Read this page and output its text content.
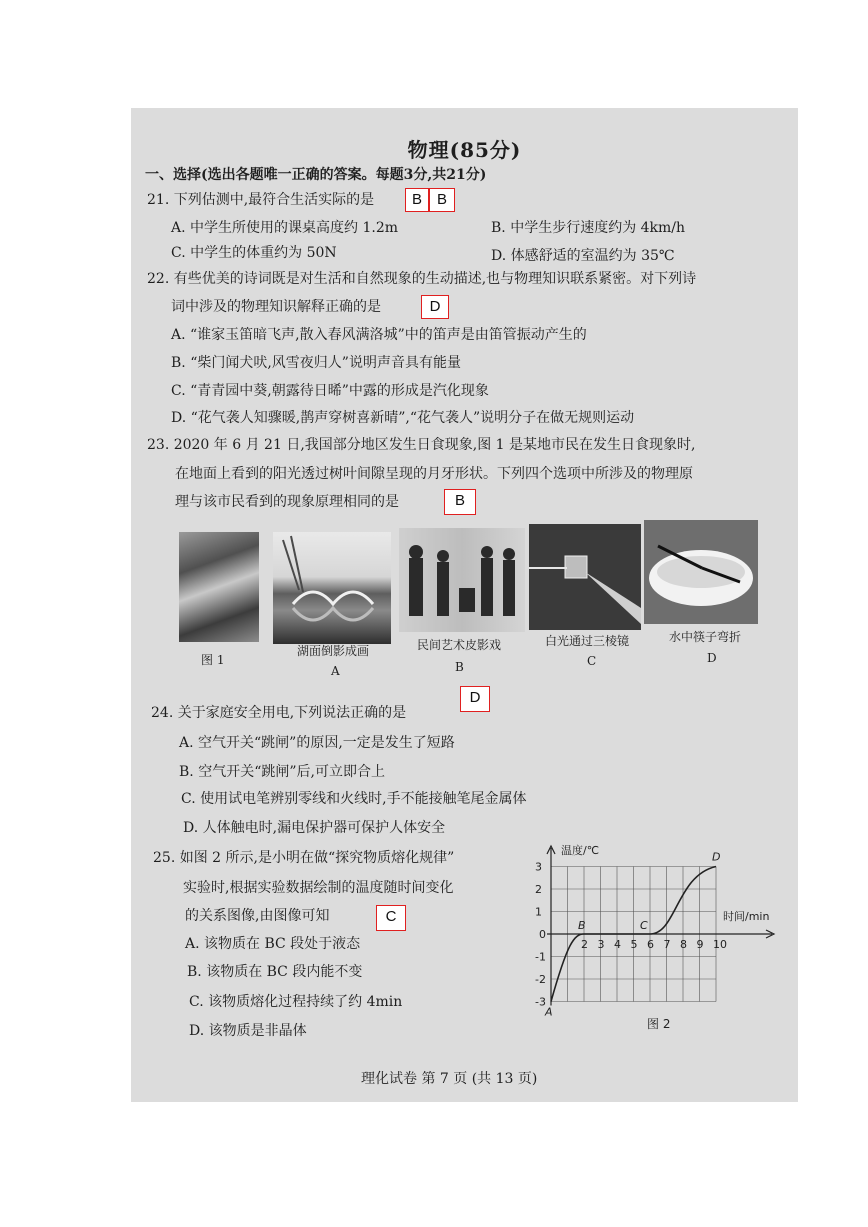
物理(85分)
一、选择(选出各题唯一正确的答案。每题3分,共21分)
21. 下列估测中,最符合生活实际的是	B B
A. 中学生所使用的课桌高度约 1.2m	B. 中学生步行速度约为 4km/h
C. 中学生的体重约为 50N	D. 体感舒适的室温约为 35℃
22. 有些优美的诗词既是对生活和自然现象的生动描述,也与物理知识联系紧密。对下列诗
词中涉及的物理知识解释正确的是	D
A. “谁家玉笛暗飞声,散入春风满洛城”中的笛声是由笛管振动产生的
B. “柴门闻犬吠,风雪夜归人”说明声音具有能量
C. “青青园中葵,朝露待日晞”中露的形成是汽化现象
D. “花气袭人知骤暖,鹊声穿树喜新晴”,“花气袭人”说明分子在做无规则运动
23. 2020 年 6 月 21 日,我国部分地区发生日食现象,图 1 是某地市民在发生日食现象时,
在地面上看到的阳光透过树叶间隙呈现的月牙形状。下列四个选项中所涉及的物理原
理与该市民看到的现象原理相同的是	B
图 1
湖面倒影成画
A
民间艺术皮影戏
B
白光通过三棱镜
C
水中筷子弯折
D
24. 关于家庭安全用电,下列说法正确的是
D
A. 空气开关“跳闸”的原因,一定是发生了短路
B. 空气开关“跳闸”后,可立即合上
C. 使用试电笔辨别零线和火线时,手不能接触笔尾金属体
D. 人体触电时,漏电保护器可保护人体安全
25. 如图 2 所示,是小明在做“探究物质熔化规律”
实验时,根据实验数据绘制的温度随时间变化
的关系图像,由图像可知	C
A. 该物质在 BC 段处于液态
B. 该物质在 BC 段内能不变
C. 该物质熔化过程持续了约 4min
D. 该物质是非晶体
2 3 4 5 6 7 8 9 10
0
3
2
1
-1
-2
-3
A
B	C
D
温度/℃
时间/min
图 2
理化试卷 第 7 页 (共 13 页)
